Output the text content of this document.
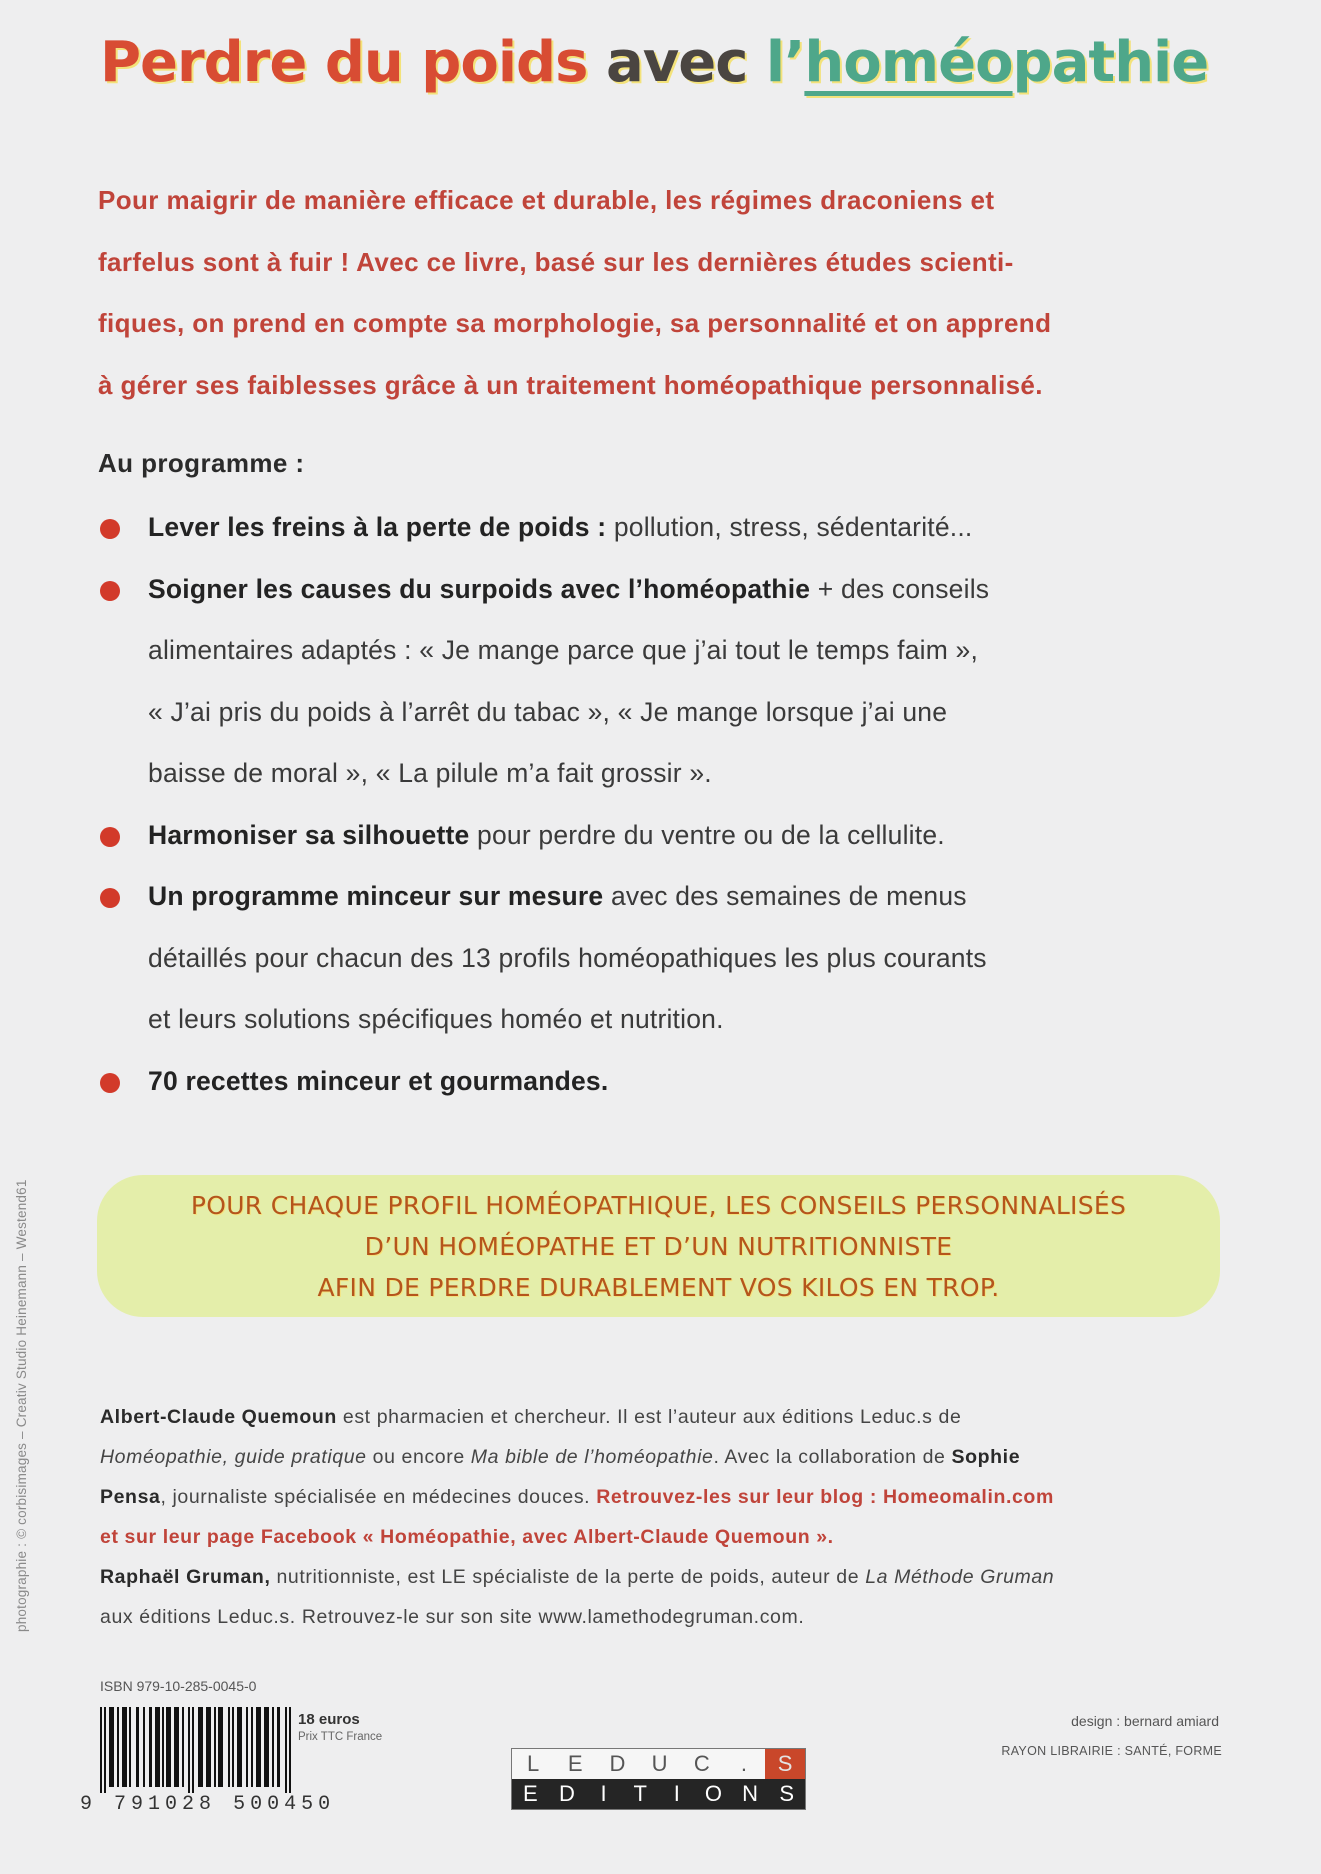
Perdre du poids avec l’homéopathie
Pour maigrir de manière efficace et durable, les régimes draconiens et
farfelus sont à fuir ! Avec ce livre, basé sur les dernières études scienti-
fiques, on prend en compte sa morphologie, sa personnalité et on apprend
à gérer ses faiblesses grâce à un traitement homéopathique personnalisé.
Au programme :
Lever les freins à la perte de poids : pollution, stress, sédentarité...
Soigner les causes du surpoids avec l’homéopathie + des conseils
alimentaires adaptés : « Je mange parce que j’ai tout le temps faim »,
« J’ai pris du poids à l’arrêt du tabac », « Je mange lorsque j’ai une
baisse de moral », « La pilule m’a fait grossir ».
Harmoniser sa silhouette pour perdre du ventre ou de la cellulite.
Un programme minceur sur mesure avec des semaines de menus
détaillés pour chacun des 13 profils homéopathiques les plus courants
et leurs solutions spécifiques homéo et nutrition.
70 recettes minceur et gourmandes.
POUR CHAQUE PROFIL HOMÉOPATHIQUE, LES CONSEILS PERSONNALISÉS
D’UN HOMÉOPATHE ET D’UN NUTRITIONNISTE
AFIN DE PERDRE DURABLEMENT VOS KILOS EN TROP.
Albert-Claude Quemoun est pharmacien et chercheur. Il est l’auteur aux éditions Leduc.s de
Homéopathie, guide pratique ou encore Ma bible de l’homéopathie. Avec la collaboration de Sophie
Pensa, journaliste spécialisée en médecines douces. Retrouvez-les sur leur blog : Homeomalin.com
et sur leur page Facebook « Homéopathie, avec Albert-Claude Quemoun ».
Raphaël Gruman, nutritionniste, est LE spécialiste de la perte de poids, auteur de La Méthode Gruman
aux éditions Leduc.s. Retrouvez-le sur son site www.lamethodegruman.com.
photographie : © corbisimages – Creativ Studio Heinemann – Westend61
ISBN 979-10-285-0045-0
9 791028 500450
18 euros
Prix TTC France
L	E	D	U	C	.	S
E D	I	T	I	O N S
design : bernard amiard
RAYON LIBRAIRIE : SANTÉ, FORME
